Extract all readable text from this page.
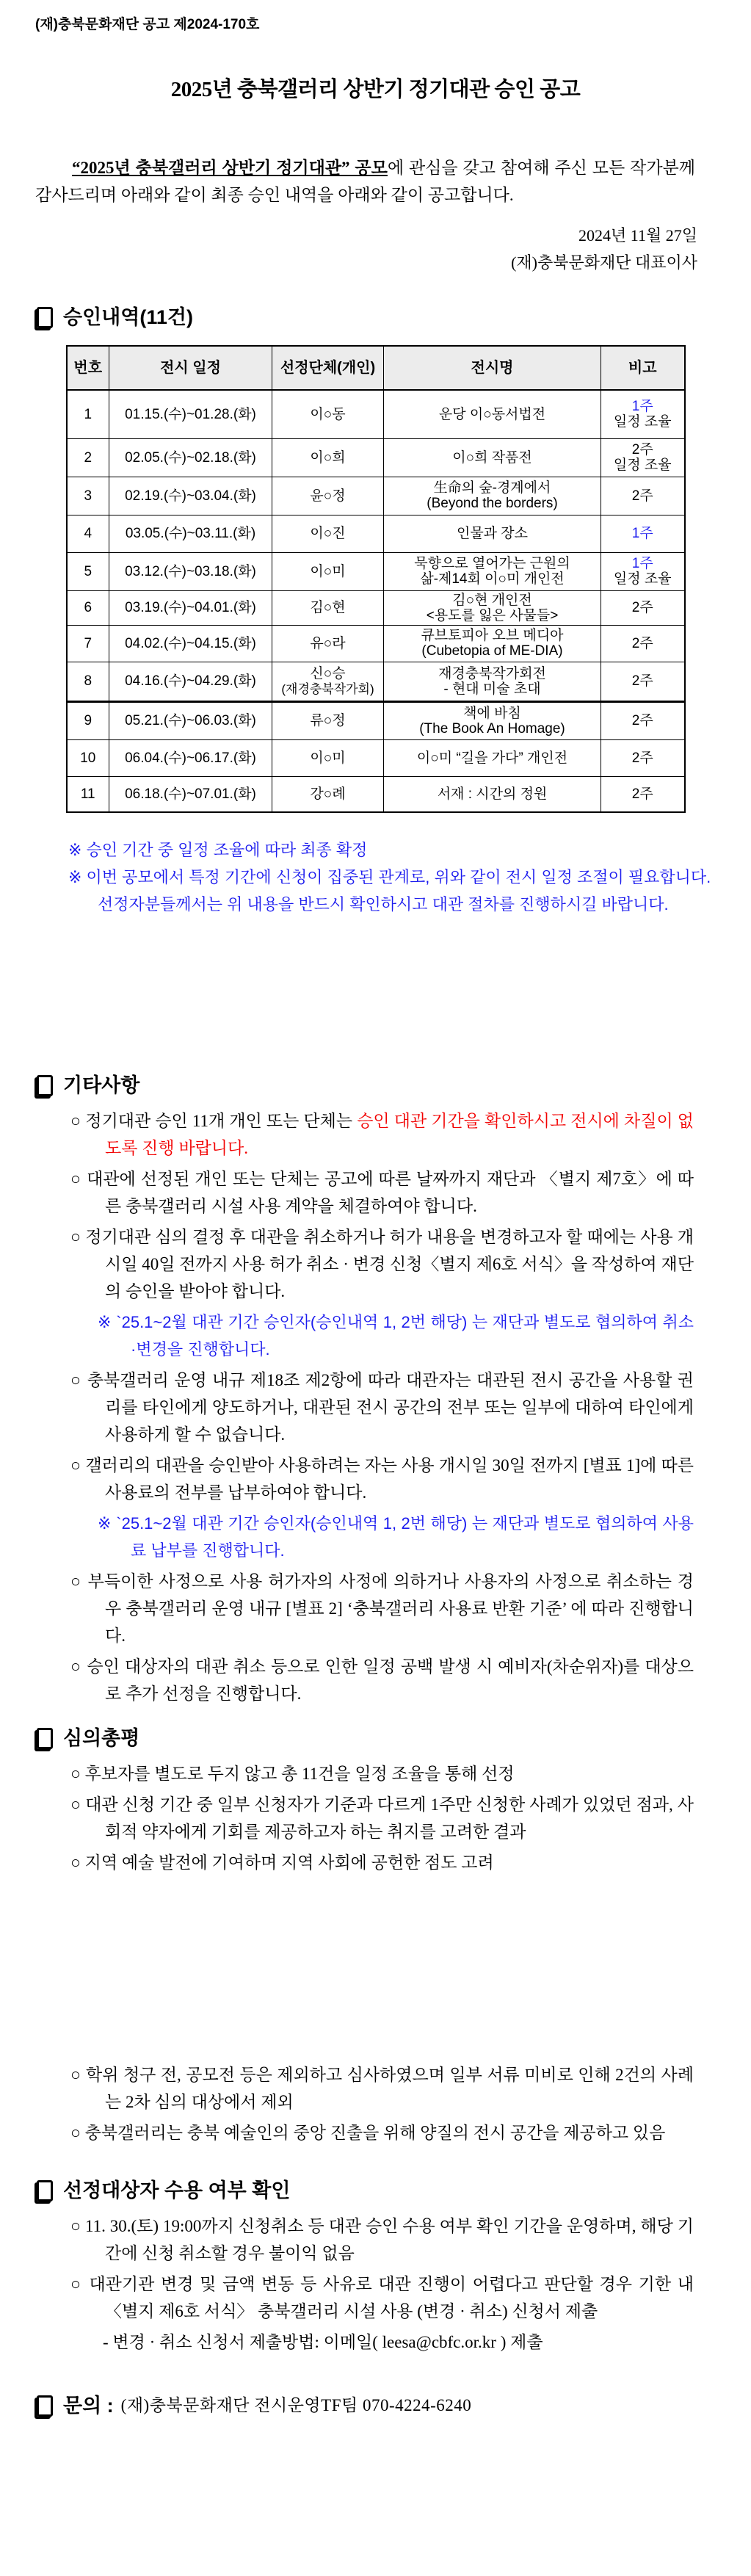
(재)충북문화재단 공고 제2024-170호
2025년 충북갤러리 상반기 정기대관 승인 공고

“2025년 충북갤러리 상반기 정기대관” 공모에 관심을 갖고 참여해 주신 모든 작가분께 감사드리며 아래와 같이 최종 승인 내역을 아래와 같이 공고합니다.

2024년 11월 27일

(재)충북문화재단 대표이사

승인내역(11건)
번호	전시 일정	선정단체(개인)	전시명	비고
1	01.15.(수)~01.28.(화)	이○동	운당 이○동서법전	1주
일정 조율

2	02.05.(수)~02.18.(화)	이○희	이○희 작품전	2주
일정 조율

3	02.19.(수)~03.04.(화)	윤○정	生命의 숲-경계에서
(Beyond the borders)	2주
4	03.05.(수)~03.11.(화)	이○진	인물과 장소	1주
5	03.12.(수)~03.18.(화)	이○미	묵향으로 열어가는 근원의
삶-제14회 이○미 개인전	1주
일정 조율

6	03.19.(수)~04.01.(화)	김○현	김○현 개인전
<용도를 잃은 사물들>	2주
7	04.02.(수)~04.15.(화)	유○라	큐브토피아 오브 메디아
(Cubetopia of ME-DIA)	2주
8	04.16.(수)~04.29.(화)	신○승
(재경충북작가회)	재경충북작가회전
- 현대 미술 초대	2주
9	05.21.(수)~06.03.(화)	류○정	책에 바침
(The Book An Homage)	2주
10	06.04.(수)~06.17.(화)	이○미	이○미 “길을 가다” 개인전	2주
11	06.18.(수)~07.01.(화)	강○례	서재 : 시간의 정원	2주

※ 승인 기간 중 일정 조율에 따라 최종 확정

※ 이번 공모에서 특정 기간에 신청이 집중된 관계로, 위와 같이 전시 일정 조절이 필요합니다.

선정자분들께서는 위 내용을 반드시 확인하시고 대관 절차를 진행하시길 바랍니다.

기타사항

○ 정기대관 승인 11개 개인 또는 단체는 승인 대관 기간을 확인하시고 전시에 차질이 없도록 진행 바랍니다.

○ 대관에 선정된 개인 또는 단체는 공고에 따른 날짜까지 재단과 〈별지 제7호〉에 따른 충북갤러리 시설 사용 계약을 체결하여야 합니다.

○ 정기대관 심의 결정 후 대관을 취소하거나 허가 내용을 변경하고자 할 때에는 사용 개시일 40일 전까지 사용 허가 취소 · 변경 신청〈별지 제6호 서식〉을 작성하여 재단의 승인을 받아야 합니다.

※ `25.1~2월 대관 기간 승인자(승인내역 1, 2번 해당) 는 재단과 별도로 협의하여 취소·변경을 진행합니다.

○ 충북갤러리 운영 내규 제18조 제2항에 따라 대관자는 대관된 전시 공간을 사용할 권리를 타인에게 양도하거나, 대관된 전시 공간의 전부 또는 일부에 대하여 타인에게 사용하게 할 수 없습니다.

○ 갤러리의 대관을 승인받아 사용하려는 자는 사용 개시일 30일 전까지 [별표 1]에 따른 사용료의 전부를 납부하여야 합니다.

※ `25.1~2월 대관 기간 승인자(승인내역 1, 2번 해당) 는 재단과 별도로 협의하여 사용료 납부를 진행합니다.

○ 부득이한 사정으로 사용 허가자의 사정에 의하거나 사용자의 사정으로 취소하는 경우 충북갤러리 운영 내규 [별표 2] ‘충북갤러리 사용료 반환 기준’ 에 따라 진행합니다.

○ 승인 대상자의 대관 취소 등으로 인한 일정 공백 발생 시 예비자(차순위자)를 대상으로 추가 선정을 진행합니다.

심의총평

○ 후보자를 별도로 두지 않고 총 11건을 일정 조율을 통해 선정

○ 대관 신청 기간 중 일부 신청자가 기준과 다르게 1주만 신청한 사례가 있었던 점과, 사회적 약자에게 기회를 제공하고자 하는 취지를 고려한 결과

○ 지역 예술 발전에 기여하며 지역 사회에 공헌한 점도 고려

○ 학위 청구 전, 공모전 등은 제외하고 심사하였으며 일부 서류 미비로 인해 2건의 사례는 2차 심의 대상에서 제외

○ 충북갤러리는 충북 예술인의 중앙 진출을 위해 양질의 전시 공간을 제공하고 있음

선정대상자 수용 여부 확인

○ 11. 30.(토) 19:00까지 신청취소 등 대관 승인 수용 여부 확인 기간을 운영하며, 해당 기간에 신청 취소할 경우 불이익 없음

○ 대관기관 변경 및 금액 변동 등 사유로 대관 진행이 어렵다고 판단할 경우 기한 내 〈별지 제6호 서식〉 충북갤러리 시설 사용 (변경 · 취소) 신청서 제출

- 변경 · 취소 신청서 제출방법: 이메일( leesa@cbfc.or.kr ) 제출

문의 : (재)충북문화재단 전시운영TF팀 070-4224-6240
